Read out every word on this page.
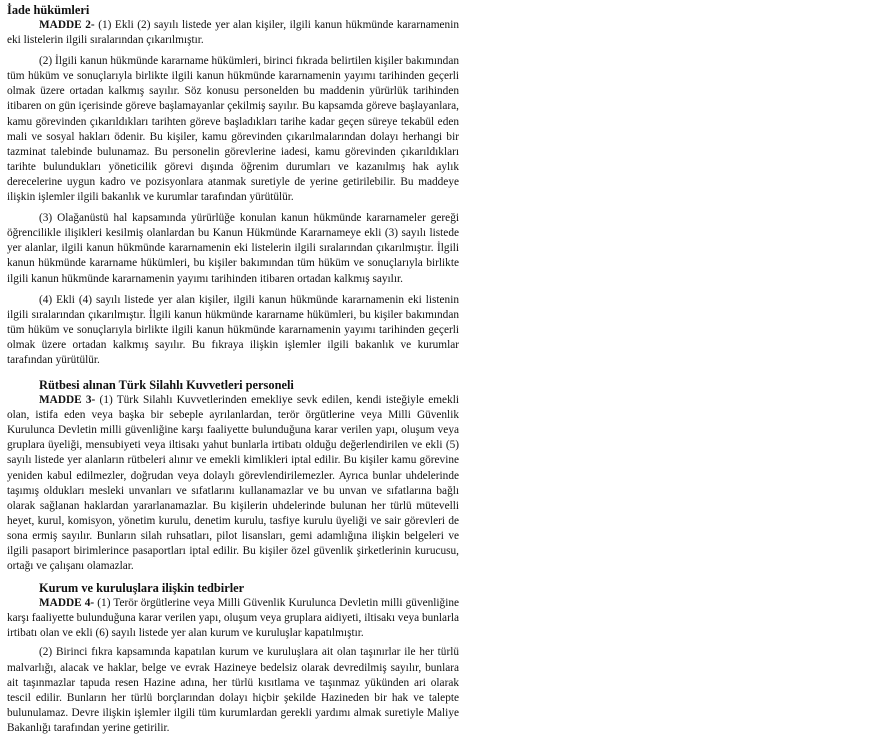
İade hükümleri

MADDE 2- (1) Ekli (2) sayılı listede yer alan kişiler, ilgili kanun hükmünde kararnamenin eki listelerin ilgili sıralarından çıkarılmıştır.

(2) İlgili kanun hükmünde kararname hükümleri, birinci fıkrada belirtilen kişiler bakımından tüm hüküm ve sonuçlarıyla birlikte ilgili kanun hükmünde kararnamenin yayımı tarihinden geçerli olmak üzere ortadan kalkmış sayılır. Söz konusu personelden bu maddenin yürürlük tarihinden itibaren on gün içerisinde göreve başlamayanlar çekilmiş sayılır. Bu kapsamda göreve başlayanlara, kamu görevinden çıkarıldıkları tarihten göreve başladıkları tarihe kadar geçen süreye tekabül eden mali ve sosyal hakları ödenir. Bu kişiler, kamu görevinden çıkarılmalarından dolayı herhangi bir tazminat talebinde bulunamaz. Bu personelin görevlerine iadesi, kamu görevinden çıkarıldıkları tarihte bulundukları yöneticilik görevi dışında öğrenim durumları ve kazanılmış hak aylık derecelerine uygun kadro ve pozisyonlara atanmak suretiyle de yerine getirilebilir. Bu maddeye ilişkin işlemler ilgili bakanlık ve kurumlar tarafından yürütülür.

(3) Olağanüstü hal kapsamında yürürlüğe konulan kanun hükmünde kararnameler gereği öğrencilikle ilişikleri kesilmiş olanlardan bu Kanun Hükmünde Kararnameye ekli (3) sayılı listede yer alanlar, ilgili kanun hükmünde kararnamenin eki listelerin ilgili sıralarından çıkarılmıştır. İlgili kanun hükmünde kararname hükümleri, bu kişiler bakımından tüm hüküm ve sonuçlarıyla birlikte ilgili kanun hükmünde kararnamenin yayımı tarihinden itibaren ortadan kalkmış sayılır.

(4) Ekli (4) sayılı listede yer alan kişiler, ilgili kanun hükmünde kararnamenin eki listenin ilgili sıralarından çıkarılmıştır. İlgili kanun hükmünde kararname hükümleri, bu kişiler bakımından tüm hüküm ve sonuçlarıyla birlikte ilgili kanun hükmünde kararnamenin yayımı tarihinden geçerli olmak üzere ortadan kalkmış sayılır. Bu fıkraya ilişkin işlemler ilgili bakanlık ve kurumlar tarafından yürütülür.

Rütbesi alınan Türk Silahlı Kuvvetleri personeli

MADDE 3- (1) Türk Silahlı Kuvvetlerinden emekliye sevk edilen, kendi isteğiyle emekli olan, istifa eden veya başka bir sebeple ayrılanlardan, terör örgütlerine veya Milli Güvenlik Kurulunca Devletin milli güvenliğine karşı faaliyette bulunduğuna karar verilen yapı, oluşum veya gruplara üyeliği, mensubiyeti veya iltisakı yahut bunlarla irtibatı olduğu değerlendirilen ve ekli (5) sayılı listede yer alanların rütbeleri alınır ve emekli kimlikleri iptal edilir. Bu kişiler kamu görevine yeniden kabul edilmezler, doğrudan veya dolaylı görevlendirilemezler. Ayrıca bunlar uhdelerinde taşımış oldukları mesleki unvanları ve sıfatlarını kullanamazlar ve bu unvan ve sıfatlarına bağlı olarak sağlanan haklardan yararlanamazlar. Bu kişilerin uhdelerinde bulunan her türlü mütevelli heyet, kurul, komisyon, yönetim kurulu, denetim kurulu, tasfiye kurulu üyeliği ve sair görevleri de sona ermiş sayılır. Bunların silah ruhsatları, pilot lisansları, gemi adamlığına ilişkin belgeleri ve ilgili pasaport birimlerince pasaportları iptal edilir. Bu kişiler özel güvenlik şirketlerinin kurucusu, ortağı ve çalışanı olamazlar.

Kurum ve kuruluşlara ilişkin tedbirler

MADDE 4- (1) Terör örgütlerine veya Milli Güvenlik Kurulunca Devletin milli güvenliğine karşı faaliyette bulunduğuna karar verilen yapı, oluşum veya gruplara aidiyeti, iltisakı veya bunlarla irtibatı olan ve ekli (6) sayılı listede yer alan kurum ve kuruluşlar kapatılmıştır.

(2) Birinci fıkra kapsamında kapatılan kurum ve kuruluşlara ait olan taşınırlar ile her türlü malvarlığı, alacak ve haklar, belge ve evrak Hazineye bedelsiz olarak devredilmiş sayılır, bunlara ait taşınmazlar tapuda resen Hazine adına, her türlü kısıtlama ve taşınmaz yükünden ari olarak tescil edilir. Bunların her türlü borçlarından dolayı hiçbir şekilde Hazineden bir hak ve talepte bulunulamaz. Devre ilişkin işlemler ilgili tüm kurumlardan gerekli yardımı almak suretiyle Maliye Bakanlığı tarafından yerine getirilir.
